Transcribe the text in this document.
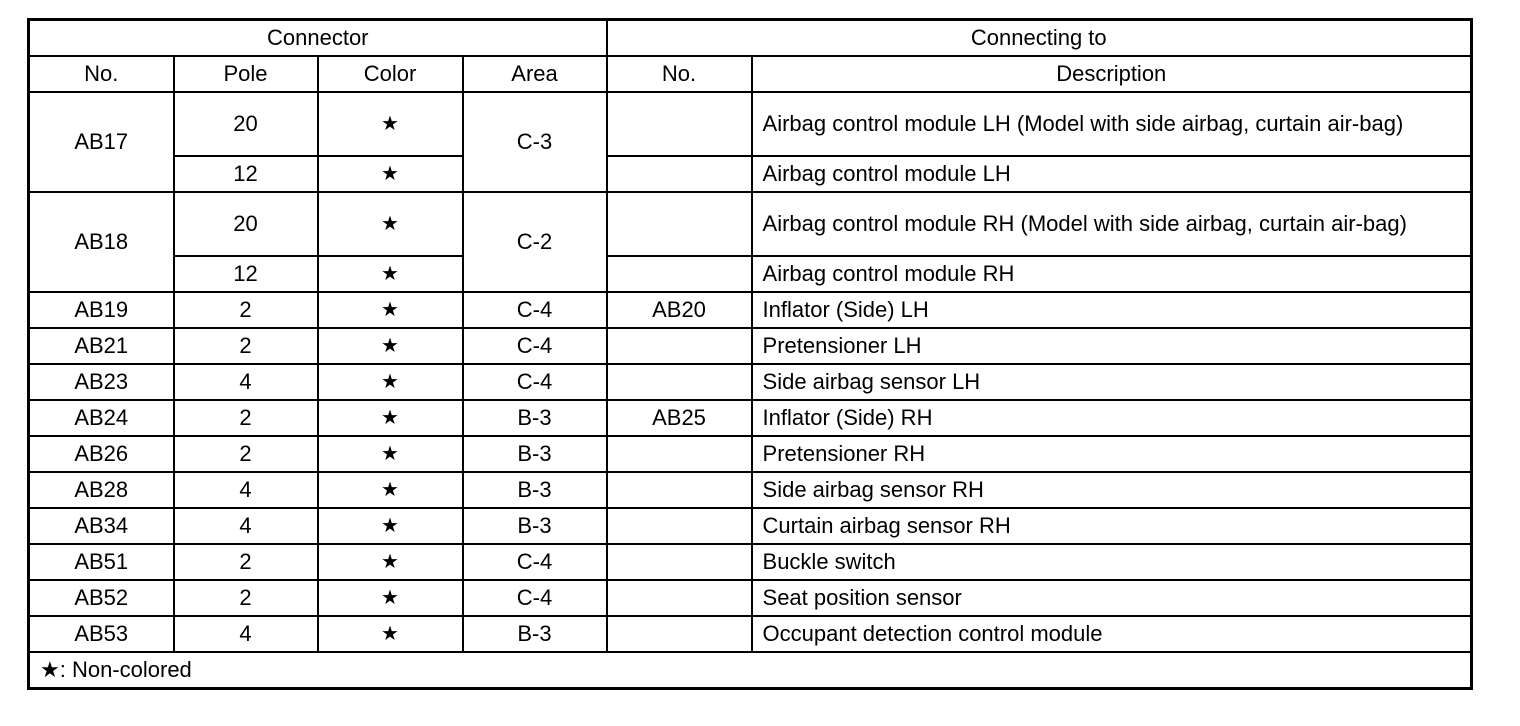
Connector				Connecting to	
No.	Pole	Color	Area	No.	Description
AB17	20	★	C-3		Airbag control module LH (Model with side airbag, curtain air-bag)
	12	★			Airbag control module LH
AB18	20	★	C-2		Airbag control module RH (Model with side airbag, curtain air-bag)
	12	★			Airbag control module RH
AB19	2	★	C-4	AB20	Inflator (Side) LH
AB21	2	★	C-4		Pretensioner LH
AB23	4	★	C-4		Side airbag sensor LH
AB24	2	★	B-3	AB25	Inflator (Side) RH
AB26	2	★	B-3		Pretensioner RH
AB28	4	★	B-3		Side airbag sensor RH
AB34	4	★	B-3		Curtain airbag sensor RH
AB51	2	★	C-4		Buckle switch
AB52	2	★	C-4		Seat position sensor
AB53	4	★	B-3		Occupant detection control module
★: Non-colored					
